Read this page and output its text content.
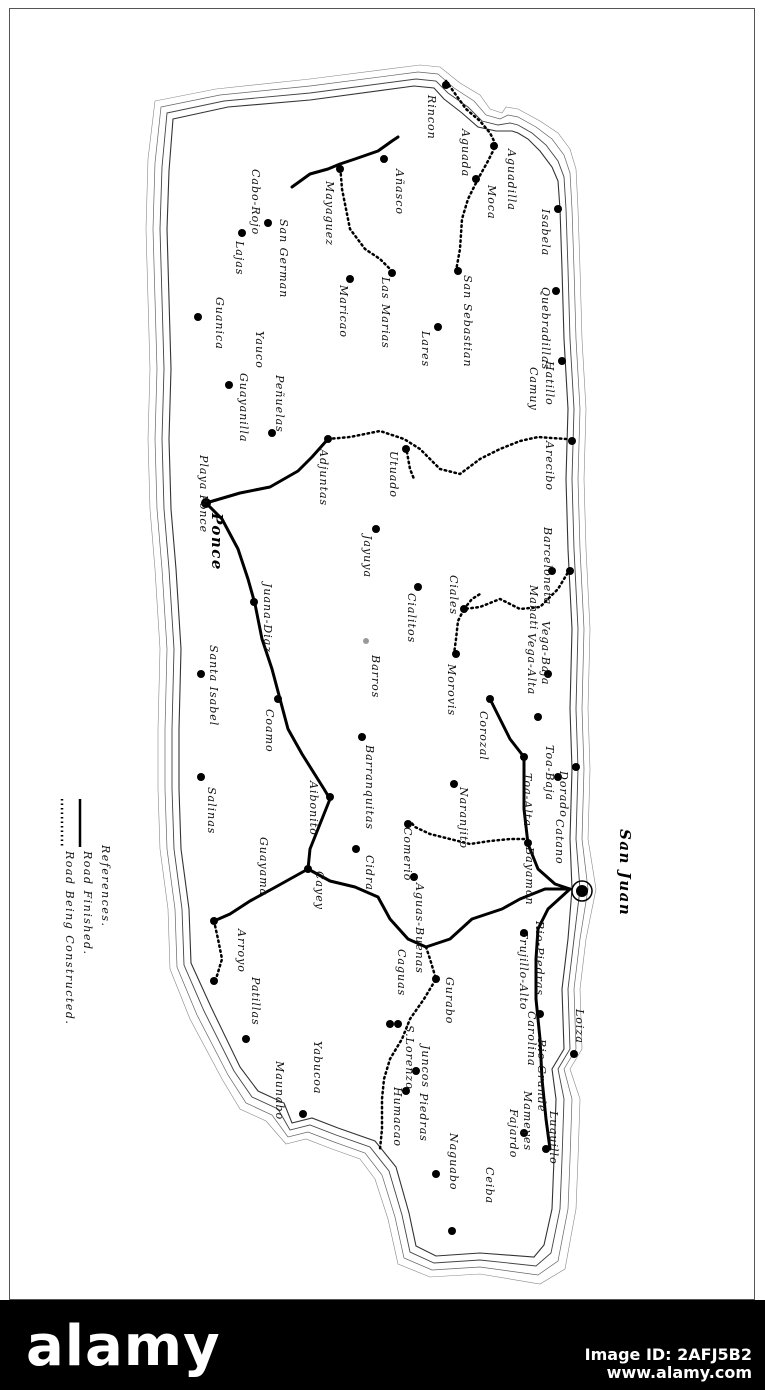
Isabela
Quebradillas
Camuy Hatillo
Arecibo
Barceloneta
Manati
Vega-Baja
Vega-Alta
Dorado
Toa-Baja
Toa-Alta
Catano
Bayamon	San Juan
Rio-Piedras
Trujillo-Alto
Loiza
Carolina
Rio-Grande
Luquillo
Mameyes
Fajardo
Ceiba
Naguabo
Piedras
Humacao
Juncos
Gurabo
S.Lorenzo
Caguas Aguas-Buenas
Cidra
Cayey
Comerio
Naranjito
Corozal
Morovis
Ciales
Cialitos
Barros
Barranquitas
Aibonito
Coamo
Juana-Diaz
Ponce
Playa Ponce
Santa Isabel
Salinas
Guayama
Arroyo
Patillas
Maunabo Yabucoa
Utuado
Jayuya
Adjuntas
Lares	San Sebastian
Las Marias
Maricao
Peñuelas
Guayanilla
Yauco
Guanica
Lajas	San German
Cabo-Rojo	Mayaguez	Añasco
Rincon
Aguada
Moca Aguadilla
References.
Road Finished.
Road Being Constructed.
alamy	Image ID: 2AFJ5B2
www.alamy.com
